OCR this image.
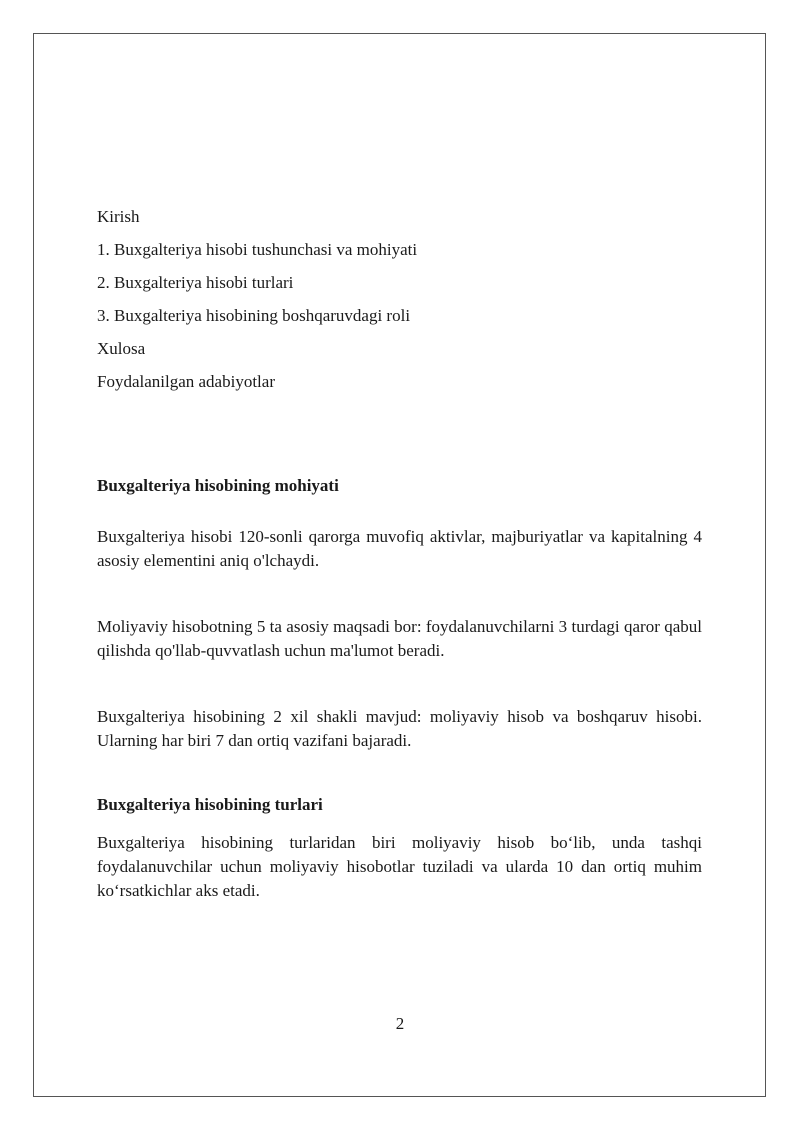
Kirish
1. Buxgalteriya hisobi tushunchasi va mohiyati
2. Buxgalteriya hisobi turlari
3. Buxgalteriya hisobining boshqaruvdagi roli
Xulosa
Foydalanilgan adabiyotlar
Buxgalteriya hisobining mohiyati

Buxgalteriya hisobi 120-sonli qarorga muvofiq aktivlar, majburiyatlar va kapitalning 4 asosiy elementini aniq o'lchaydi.

Moliyaviy hisobotning 5 ta asosiy maqsadi bor: foydalanuvchilarni 3 turdagi qaror qabul qilishda qo'llab-quvvatlash uchun ma'lumot beradi.

Buxgalteriya hisobining 2 xil shakli mavjud: moliyaviy hisob va boshqaruv hisobi. Ularning har biri 7 dan ortiq vazifani bajaradi.

Buxgalteriya hisobining turlari

Buxgalteriya hisobining turlaridan biri moliyaviy hisob bo‘lib, unda tashqi foydalanuvchilar uchun moliyaviy hisobotlar tuziladi va ularda 10 dan ortiq muhim ko‘rsatkichlar aks etadi.

2
